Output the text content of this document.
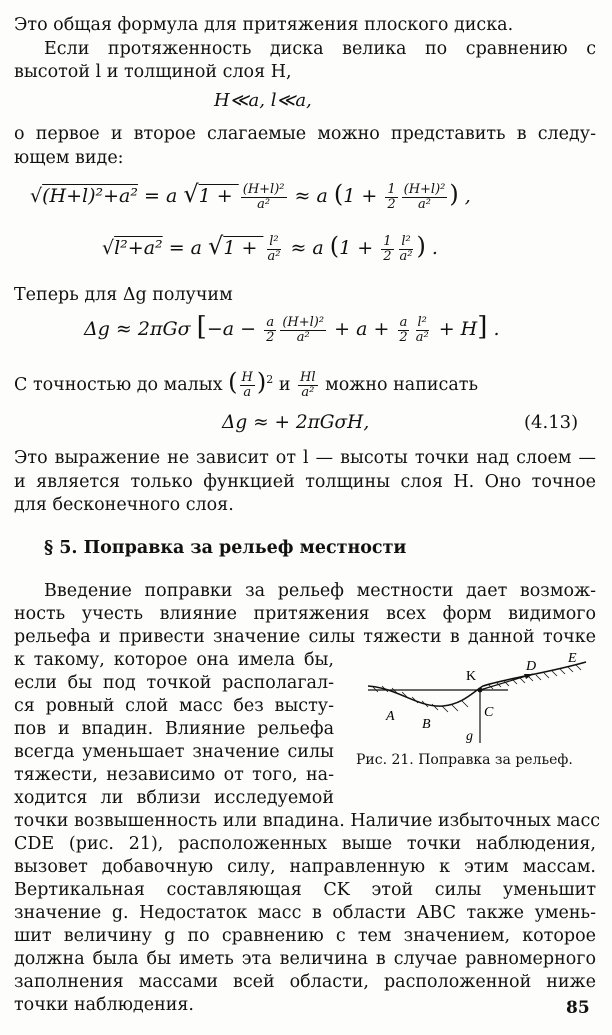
Это общая формула для притяжения плоского диска.
Если протяженность диска велика по сравнению с
высотой l и толщиной слоя H,
H≪a, l≪a,
о первое и второе слагаемые можно представить в следу-
ющем виде:
√(H+l)²+a² = a $√1 + \frac{\text{(H+l)²}}{\text{a²}} \approx a$ ($1 + \frac{1}{2} \frac{\text{(H+l)²}}{\text{a²}}$ ) ,
√l²+a² = a $√1 + \frac{\text{l²}}{\text{a²}} \approx a$ ($1 + \frac{1}{2} \frac{\text{l²}}{\text{a²}}$ ) .
Теперь для Δg получим
Δg ≈ 2πGσ $[-a - \frac{a}{2} \frac{\text{(H+l)²}}{\text{a²}} + a + \frac{a}{2} \frac{\text{l²}}{\text{a²}} + H]$ .
С точностью до малых ( $\frac{H}{a} )^2$ и $\frac{Hl}{\text{a²}}$ можно написать
Δg ≈ + 2πGσH,	(4.13)
Это выражение не зависит от l — высоты точки над слоем —
и является только функцией толщины слоя H. Оно точное
для бесконечного слоя.
§ 5. Поправка за рельеф местности
Введение поправки за рельеф местности дает возмож-
ность учесть влияние притяжения всех форм видимого
рельефа и привести значение силы тяжести в данной точке
к такому, которое она имела бы,
если бы под точкой располагал-
ся ровный слой масс без высту-
пов и впадин. Влияние рельефа
всегда уменьшает значение силы
тяжести, независимо от того, на-
ходится ли вблизи исследуемой
точки возвышенность или впадина. Наличие избыточных масс
CDE (рис. 21), расположенных выше точки наблюдения,
вызовет добавочную силу, направленную к этим массам.
Вертикальная составляющая CK этой силы уменьшит
значение g. Недостаток масс в области ABC также умень-
шит величину g по сравнению с тем значением, которое
должна была бы иметь эта величина в случае равномерного
заполнения массами всей области, расположенной ниже
точки наблюдения.
K
D
E
A
B
C
g
Рис. 21. Поправка за рельеф.
85
